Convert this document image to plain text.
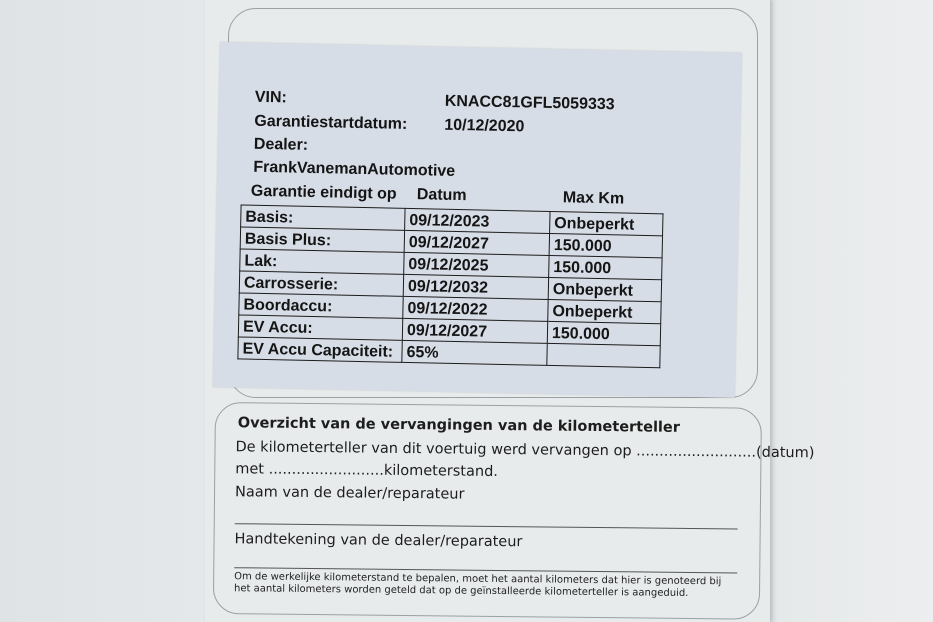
VIN:	KNACC81GFL5059333
Garantiestartdatum: 10/12/2020
Dealer:
FrankVanemanAutomotive
Garantie eindigt op Datum	Max Km
Basis:	09/12/2023	Onbeperkt
Basis Plus:	09/12/2027	150.000
Lak:	09/12/2025	150.000
Carrosserie:	09/12/2032	Onbeperkt
Boordaccu:	09/12/2022	Onbeperkt
EV Accu:	09/12/2027	150.000
EV Accu Capaciteit:	65%	
Overzicht van de vervangingen van de kilometerteller
De kilometerteller van dit voertuig werd vervangen op ..........................(datum)
met .........................kilometerstand.
Naam van de dealer/reparateur
Handtekening van de dealer/reparateur
Om de werkelijke kilometerstand te bepalen, moet het aantal kilometers dat hier is genoteerd bij het aantal kilometers worden geteld dat op de geïnstalleerde kilometerteller is aangeduid.
